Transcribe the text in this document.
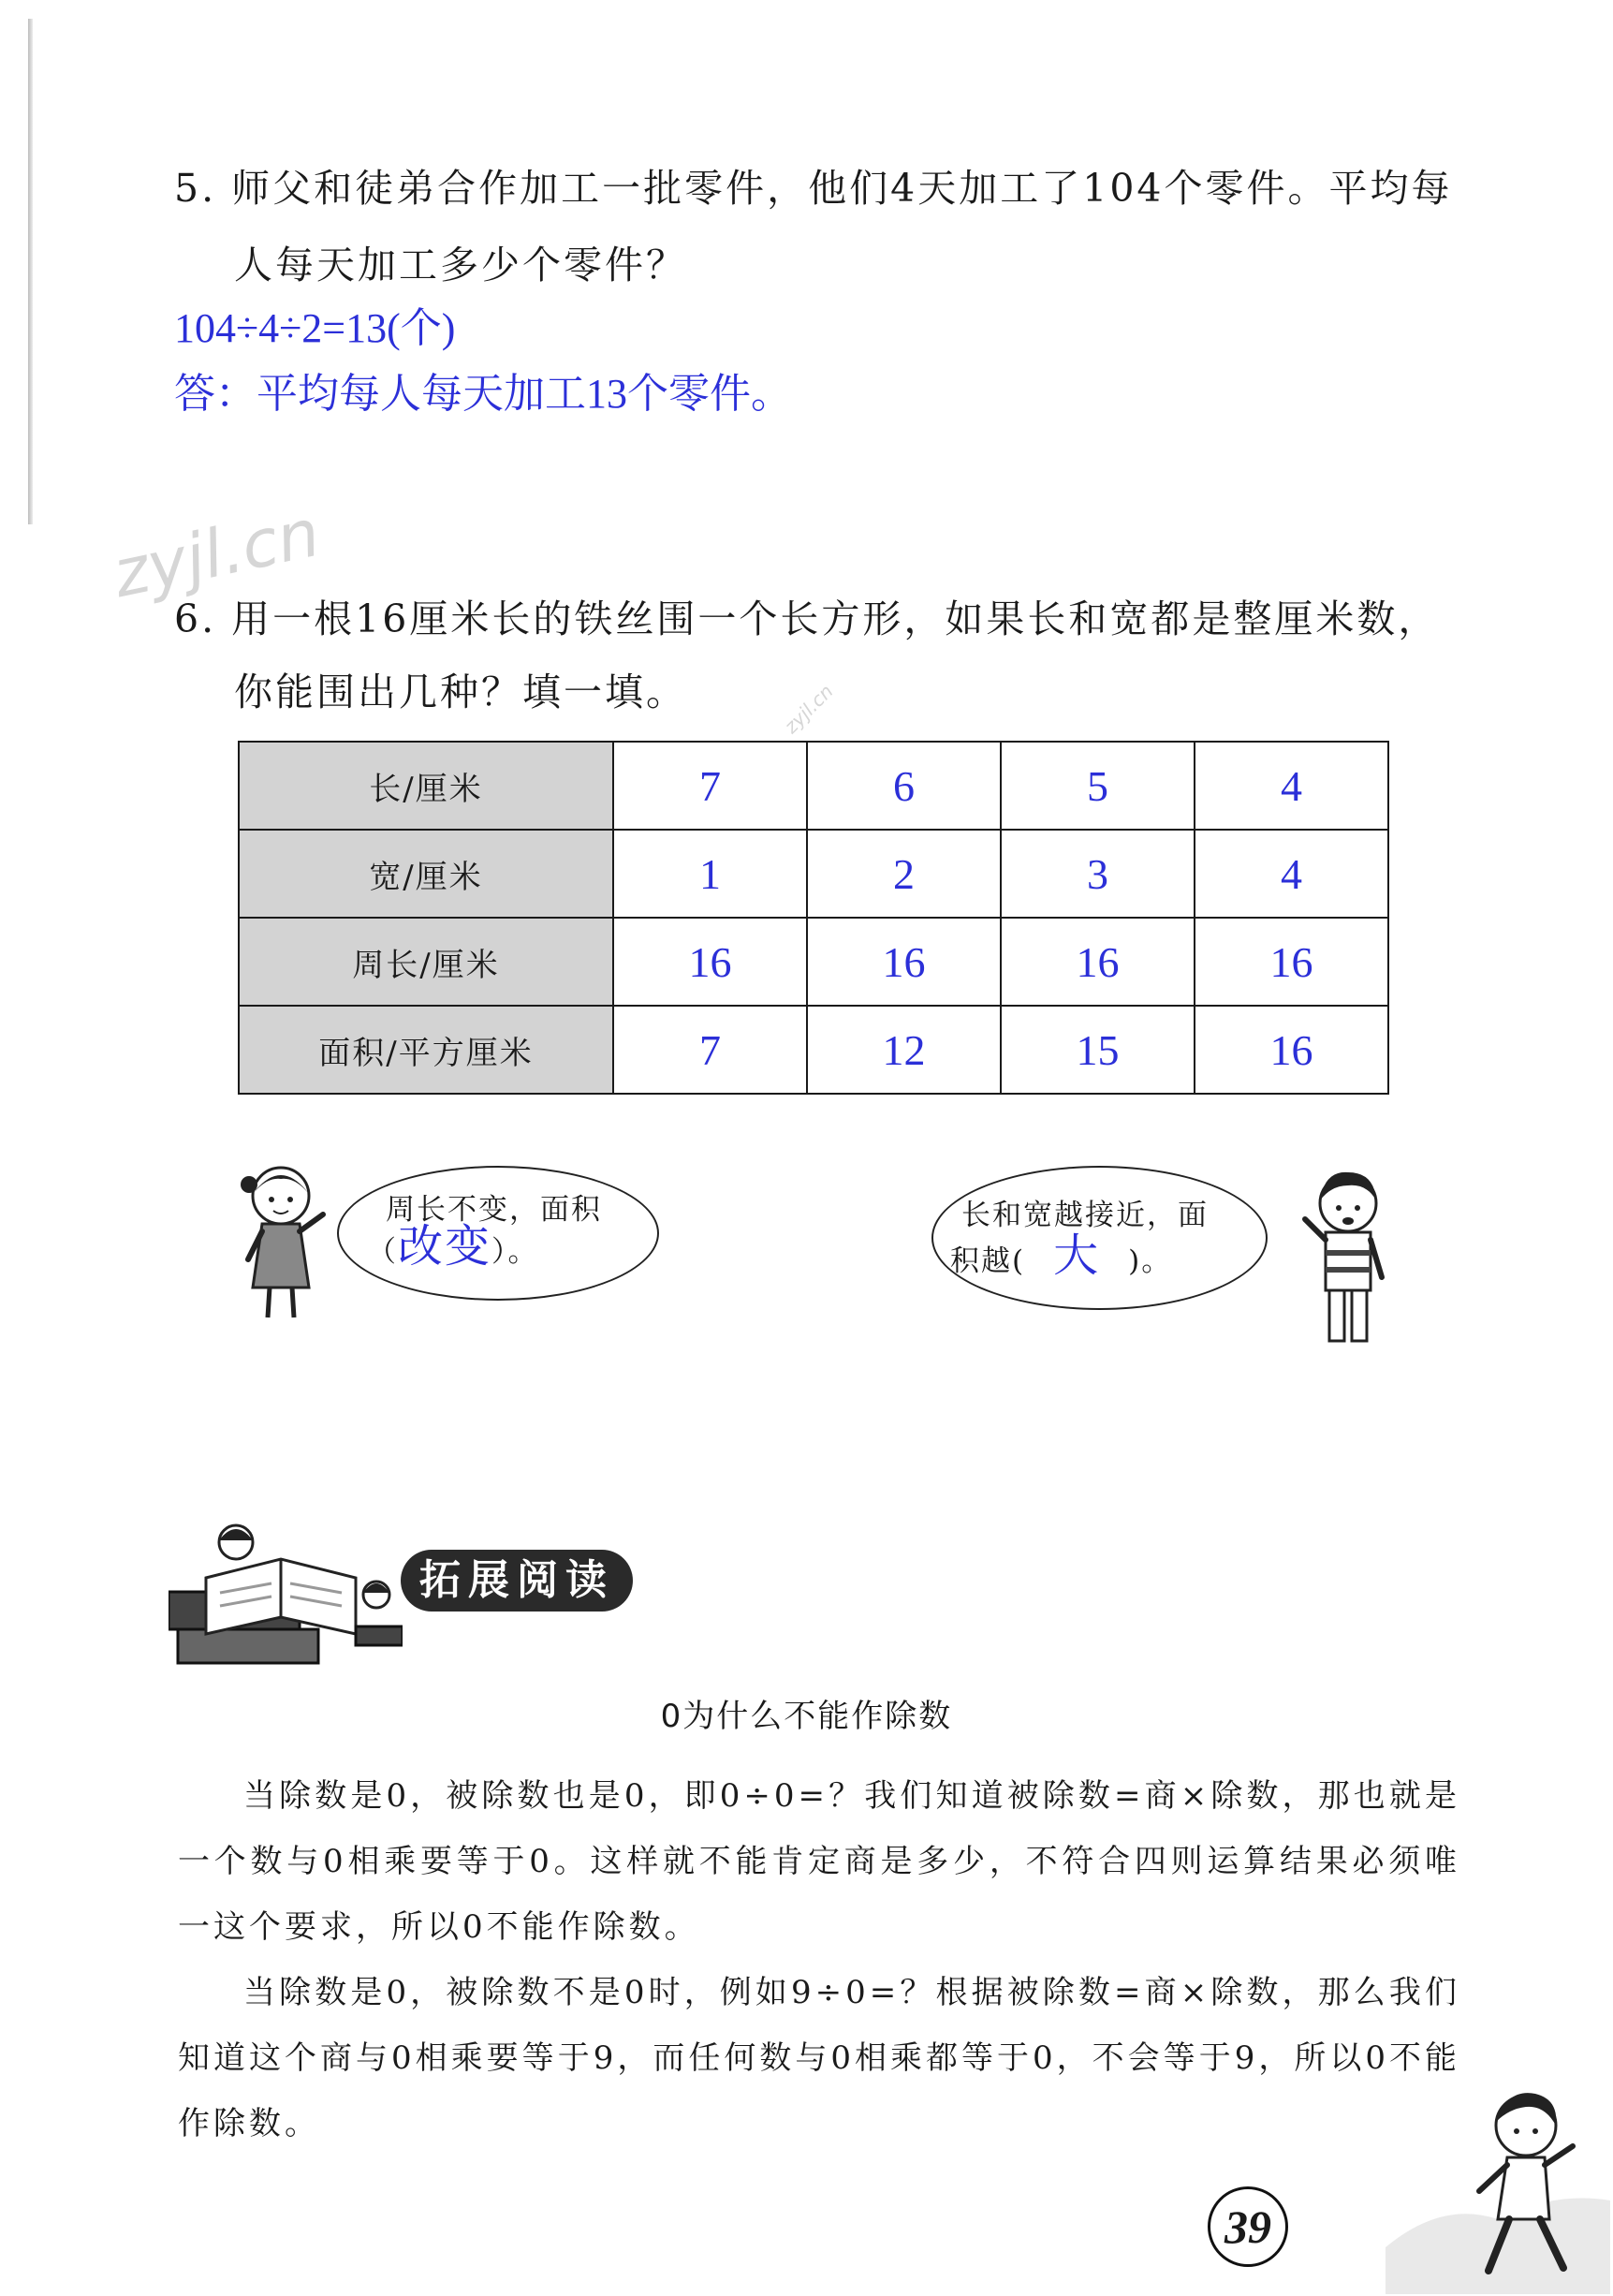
5. 师父和徒弟合作加工一批零件，他们4天加工了104个零件。平均每
人每天加工多少个零件？
104÷4÷2=13(个)
答：平均每人每天加工13个零件。
zyjl.cn
zyjl.cn
6. 用一根16厘米长的铁丝围一个长方形，如果长和宽都是整厘米数，
你能围出几种？填一填。
长/厘米	7	6	5	4
宽/厘米	1	2	3	4
周长/厘米	16	16	16	16
面积/平方厘米	7	12	15	16
周长不变，面积
（改变）。
长和宽越接近，面
积越( 大 )。
拓展阅读
0为什么不能作除数
当除数是0，被除数也是0，即0÷0=？我们知道被除数=商×除数，那也就是一个数与0相乘要等于0。这样就不能肯定商是多少，不符合四则运算结果必须唯一这个要求，所以0不能作除数。
当除数是0，被除数不是0时，例如9÷0=？根据被除数=商×除数，那么我们知道这个商与0相乘要等于9，而任何数与0相乘都等于0，不会等于9，所以0不能作除数。
39
